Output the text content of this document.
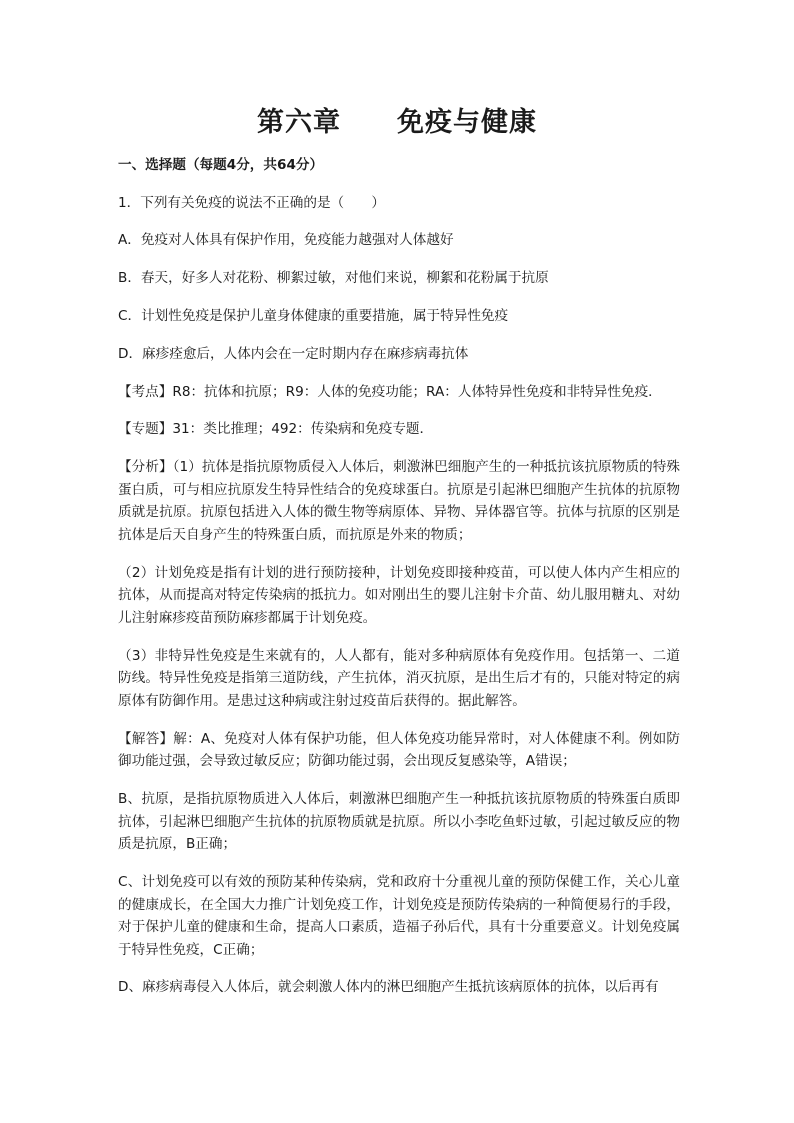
第六章　　免疫与健康
一、选择题（每题4分，共64分）
1．下列有关免疫的说法不正确的是（　　）
A．免疫对人体具有保护作用，免疫能力越强对人体越好
B．春天，好多人对花粉、柳絮过敏，对他们来说，柳絮和花粉属于抗原
C．计划性免疫是保护儿童身体健康的重要措施，属于特异性免疫
D．麻疹痊愈后，人体内会在一定时期内存在麻疹病毒抗体
【考点】R8：抗体和抗原；R9：人体的免疫功能；RA：人体特异性免疫和非特异性免疫．
【专题】31：类比推理；492：传染病和免疫专题．
【分析】（1）抗体是指抗原物质侵入人体后，刺激淋巴细胞产生的一种抵抗该抗原物质的特殊蛋白质，可与相应抗原发生特异性结合的免疫球蛋白。抗原是引起淋巴细胞产生抗体的抗原物质就是抗原。抗原包括进入人体的微生物等病原体、异物、异体器官等。抗体与抗原的区别是抗体是后天自身产生的特殊蛋白质，而抗原是外来的物质；
（2）计划免疫是指有计划的进行预防接种，计划免疫即接种疫苗，可以使人体内产生相应的抗体，从而提高对特定传染病的抵抗力。如对刚出生的婴儿注射卡介苗、幼儿服用糖丸、对幼儿注射麻疹疫苗预防麻疹都属于计划免疫。
（3）非特异性免疫是生来就有的，人人都有，能对多种病原体有免疫作用。包括第一、二道防线。特异性免疫是指第三道防线，产生抗体，消灭抗原，是出生后才有的，只能对特定的病原体有防御作用。是患过这种病或注射过疫苗后获得的。据此解答。
【解答】解：A、免疫对人体有保护功能，但人体免疫功能异常时，对人体健康不利。例如防御功能过强，会导致过敏反应；防御功能过弱，会出现反复感染等，A错误；
B、抗原，是指抗原物质进入人体后，刺激淋巴细胞产生一种抵抗该抗原物质的特殊蛋白质即抗体，引起淋巴细胞产生抗体的抗原物质就是抗原。所以小李吃鱼虾过敏，引起过敏反应的物质是抗原，B正确；
C、计划免疫可以有效的预防某种传染病，党和政府十分重视儿童的预防保健工作，关心儿童的健康成长，在全国大力推广计划免疫工作，计划免疫是预防传染病的一种简便易行的手段，对于保护儿童的健康和生命，提高人口素质，造福子孙后代，具有十分重要意义。计划免疫属于特异性免疫，C正确；
D、麻疹病毒侵入人体后，就会刺激人体内的淋巴细胞产生抵抗该病原体的抗体，以后再有
